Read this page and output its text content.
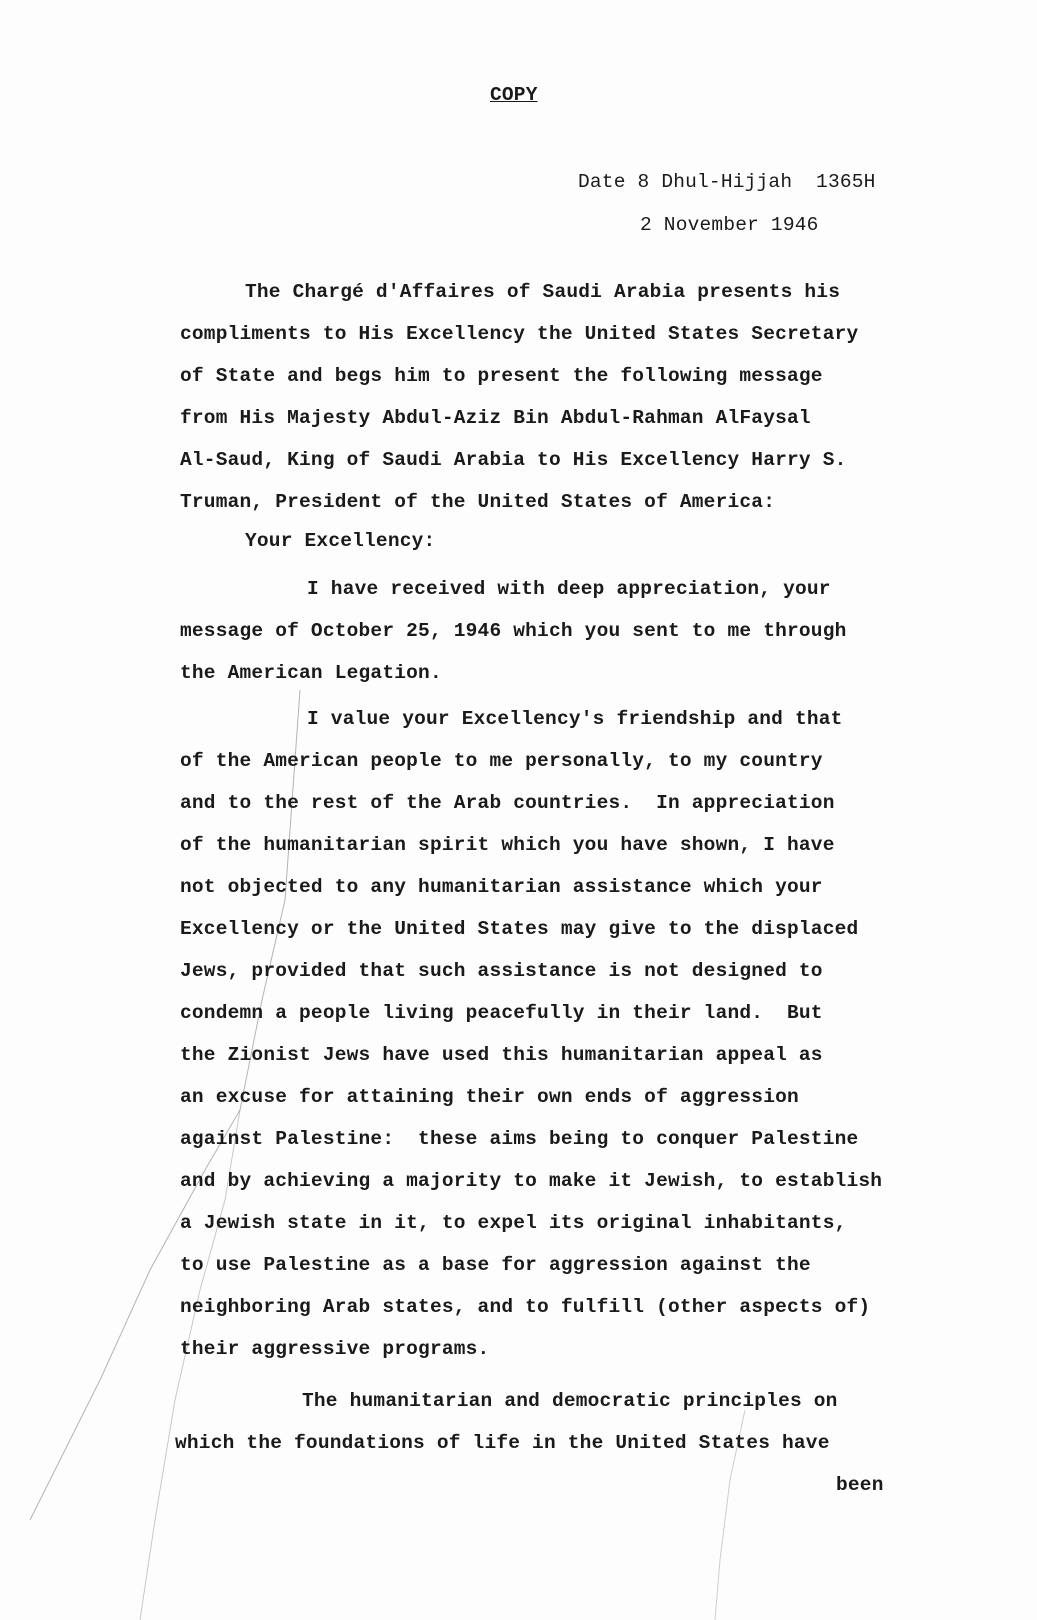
COPY
Date 8 Dhul-Hijjah  1365H
2 November 1946
The Chargé d'Affaires of Saudi Arabia presents his
compliments to His Excellency the United States Secretary
of State and begs him to present the following message
from His Majesty Abdul-Aziz Bin Abdul-Rahman AlFaysal
Al-Saud, King of Saudi Arabia to His Excellency Harry S.
Truman, President of the United States of America:
Your Excellency:
I have received with deep appreciation, your
message of October 25, 1946 which you sent to me through
the American Legation.
I value your Excellency's friendship and that
of the American people to me personally, to my country
and to the rest of the Arab countries.  In appreciation
of the humanitarian spirit which you have shown, I have
not objected to any humanitarian assistance which your
Excellency or the United States may give to the displaced
Jews, provided that such assistance is not designed to
condemn a people living peacefully in their land.  But
the Zionist Jews have used this humanitarian appeal as
an excuse for attaining their own ends of aggression
against Palestine:  these aims being to conquer Palestine
and by achieving a majority to make it Jewish, to establish
a Jewish state in it, to expel its original inhabitants,
to use Palestine as a base for aggression against the
neighboring Arab states, and to fulfill (other aspects of)
their aggressive programs.
The humanitarian and democratic principles on
which the foundations of life in the United States have
been
